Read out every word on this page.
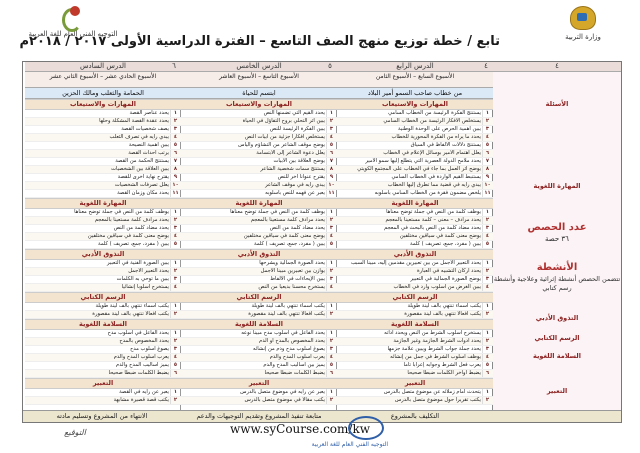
التوجيه الفني العام للغة العربية	وزارة التربية
تابع / خطة توزيع منهج الصف التاسع – الفترة الدراسية الأولى ٢٠١٧ / ٢٠١٨م
٤
الأسئلة
المهارة اللغوية
عدد الحصص
٣٦ حصة
الأنشطة
تتضمن الحصص أنشطة إثرائية وعلاجية وأنشطة رسم كتابي
التذوق الأدبي
الرسم الكتابي
السلامة اللغوية
التعبير
٤
الدرس الرابع
الأسبوع السابع – الأسبوع الثامن
من خطاب صاحب السمو أمير البلاد
المهارات والاستيعاب
١
يستنتج الفكرة الرئيسة من الخطاب السامي
٢
يستخلص الأفكار الرئيسة من الخطاب السامي
٣
يبين أهمية الحرص على الوحدة الوطنية
٤
يحدد ما يراه من الفكرة المحورية للخطاب
٥
يستنتج دلالات الألفاظ في السياق
٦
يعلل اهتمام الأمير بوسائل الإعلام في الخطاب
٧
يحدد ملامح الدولة العصرية التي يتطلع إليها سمو الأمير
٨
يوضح أثر العمل بما جاء في الخطاب على المجتمع الكويتي
٩
يستنبط القيم الواردة في الخطاب السامي
١٠
يبدي رأيه في قضية مما تطرق إليها الخطاب
١١
يلخص مضمون فقرة من الخطاب السامي بأسلوبه
المهارة اللغوية
١
يوظف كلمة من النص في جملة توضح معناها
٢
يحدد مرادف – معنى – كلمة مستعيناً بالمعجم
٣
يحدد مضاد كلمة من النص بالبحث في المعجم
٤
يوضح معنى كلمة في سياقين مختلفين
٥
يبين ( مفرد، جمع، تصريف ) كلمة
التذوق الأدبي
١
يحدد التعبير الأجمل من بين تعبيرين مقدمين إليه، مبيناً السبب
٢
يحدد أركان التشبيه في العبارة
٣
يوضح الصورة الجمالية في التعبير
٤
يبين الغرض من أسلوب وارد في الخطاب
الرسم الكتابي
١
يكتب أسماء تنتهي بألف لينة طويلة
٢
يكتب أفعالاً تنتهي بألف لينة مقصورة
السلامة اللغوية
١
يستخرج أسلوب الشرط من النص ويحدد أداته
٢
يحدد أدوات الشرط الجازمة وغير الجازمة
٣
يحدد جملة جواب الشرط ويبين علامة جزمها
٤
يوظف أسلوب الشرط في جمل من إنشائه
٥
يعرب فعل الشرط وجوابه إعراباً تاماً
٦
يضبط أواخر الكلمات ضبطاً صحيحاً
التعبير
١
يتحدث أمام زملائه عن موضوع متصل بالدرس
٢
يكتب تقريراً حول موضوع متصل بالدرس
٥
الدرس الخامس
الأسبوع التاسع – الأسبوع العاشر
ابتسم للحياة
المهارات والاستيعاب
١
يحدد القيم التي تضمنها النص
٢
يبين أثر التحلي بروح التفاؤل في الحياة
٣
يبين الفكرة الرئيسة للنص
٤
يستخلص أفكاراً جزئية من أبيات النص
٥
يوضح موقف الشاعر من التشاؤم واليأس
٦
يعلل دعوة الشاعر إلى الابتسامة
٧
يوضح العلاقة بين الأبيات
٨
يستنتج سمات شخصية الشاعر
٩
يقترح عنواناً آخر للنص
١٠
يبدي رأيه في موقف الشاعر
١١
يعبر عن فهمه للنص بأسلوبه
المهارة اللغوية
١
يوظف كلمة من النص في جملة توضح معناها
٢
يحدد مرادف كلمة مستعيناً بالمعجم
٣
يحدد مضاد كلمة من النص
٤
يوضح معنى كلمة في سياقين مختلفين
٥
يبين ( مفرد، جمع، تصريف ) كلمة
التذوق الأدبي
١
يحدد الصورة الجمالية ويشرحها
٢
يوازن بين تعبيرين مبيناً الأجمل
٣
يبين الإيحاءات في الألفاظ
٤
يستخرج محسناً بديعياً من النص
الرسم الكتابي
١
يكتب أسماء تنتهي بألف لينة طويلة
٢
يكتب أفعالاً تنتهي بألف لينة مقصورة
السلامة اللغوية
١
يحدد الفاعل في أسلوب مدح مبيناً نوعه
٢
يحدد المخصوص بالمدح أو الذم
٣
يصوغ أسلوب مدح وذم من إنشائه
٤
يعرب أسلوب المدح والذم
٥
يميز بين أساليب المدح والذم
٦
يضبط الكلمات ضبطاً صحيحاً
التعبير
١
يعبر عن رأيه في موضوع متصل بالدرس
٢
يكتب مقالاً في موضوع متصل بالدرس
٦
الدرس السادس
الأسبوع الحادي عشر – الأسبوع الثاني عشر
الحمامة والثعلب ومالك الحزين
المهارات والاستيعاب
١
يحدد عناصر القصة
٢
يحدد عقدة القصة المشكلة وحلها
٣
يصف شخصيات القصة
٤
يبدي رأيه في تصرف الثعلب
٥
يبين أهمية النصيحة
٦
يرتب أحداث القصة
٧
يستنتج الحكمة من القصة
٨
يبين العلاقة بين الشخصيات
٩
يقترح نهاية أخرى للقصة
١٠
يعلل تصرفات الشخصيات
١١
يحدد مكان وزمان القصة
المهارة اللغوية
١
يوظف كلمة من النص في جملة توضح معناها
٢
يحدد مرادف كلمة مستعيناً بالمعجم
٣
يحدد مضاد كلمة من النص
٤
يوضح معنى كلمة في سياقين مختلفين
٥
يبين ( مفرد، جمع، تصريف ) كلمة
التذوق الأدبي
١
يبين الصورة الفنية في التعبير
٢
يحدد التعبير الأجمل
٣
يبين ما توحي به الكلمات
٤
يستخرج أسلوباً إنشائياً
الرسم الكتابي
١
يكتب أسماء تنتهي بألف لينة طويلة
٢
يكتب أفعالاً تنتهي بألف لينة مقصورة
السلامة اللغوية
١
يحدد الفاعل في أسلوب مدح
٢
يحدد المخصوص بالمدح
٣
يصوغ أسلوب مدح
٤
يعرب أسلوب المدح والذم
٥
يميز أساليب المدح والذم
٦
يضبط الكلمات ضبطاً صحيحاً
التعبير
١
يعبر عن رأيه في القصة
٢
يكتب قصة قصيرة مشابهة
التكليف بالمشروع
متابعة تنفيذ المشروع وتقديم التوجيهات والدعم
الانتهاء من المشروع وتسليم مادته
www.syCourse.com/kw
التوجيه الفني العام للغة العربية
التوقيع
